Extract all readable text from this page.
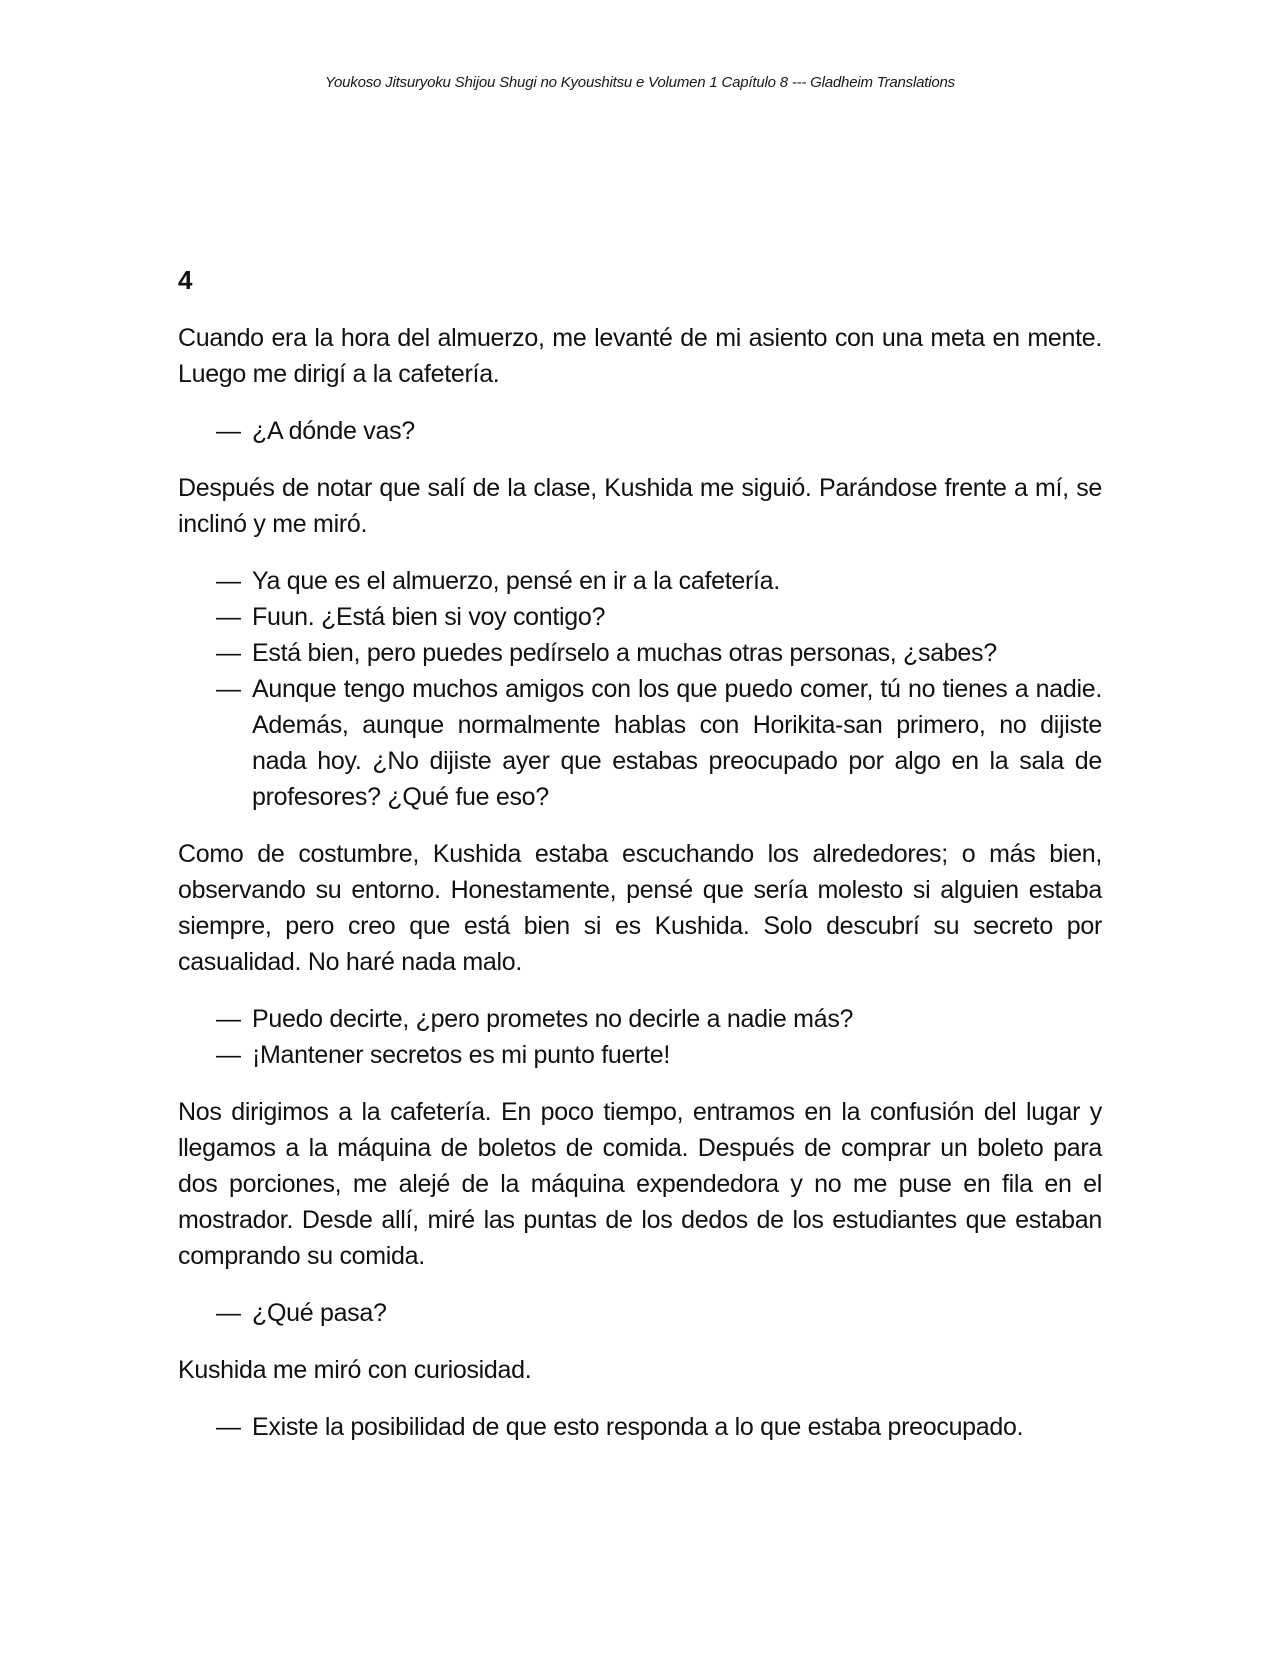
Youkoso Jitsuryoku Shijou Shugi no Kyoushitsu e Volumen 1 Capítulo 8 --- Gladheim Translations
4

Cuando era la hora del almuerzo, me levanté de mi asiento con una meta en mente. Luego me dirigí a la cafetería.

— ¿A dónde vas?

Después de notar que salí de la clase, Kushida me siguió. Parándose frente a mí, se inclinó y me miró.

— Ya que es el almuerzo, pensé en ir a la cafetería.
— Fuun. ¿Está bien si voy contigo?
— Está bien, pero puedes pedírselo a muchas otras personas, ¿sabes?
— Aunque tengo muchos amigos con los que puedo comer, tú no tienes a nadie. Además, aunque normalmente hablas con Horikita-san primero, no dijiste nada hoy. ¿No dijiste ayer que estabas preocupado por algo en la sala de profesores? ¿Qué fue eso?

Como de costumbre, Kushida estaba escuchando los alrededores; o más bien, observando su entorno. Honestamente, pensé que sería molesto si alguien estaba siempre, pero creo que está bien si es Kushida. Solo descubrí su secreto por casualidad. No haré nada malo.

— Puedo decirte, ¿pero prometes no decirle a nadie más?
— ¡Mantener secretos es mi punto fuerte!

Nos dirigimos a la cafetería. En poco tiempo, entramos en la confusión del lugar y llegamos a la máquina de boletos de comida. Después de comprar un boleto para dos porciones, me alejé de la máquina expendedora y no me puse en fila en el mostrador. Desde allí, miré las puntas de los dedos de los estudiantes que estaban comprando su comida.

— ¿Qué pasa?

Kushida me miró con curiosidad.

— Existe la posibilidad de que esto responda a lo que estaba preocupado.
